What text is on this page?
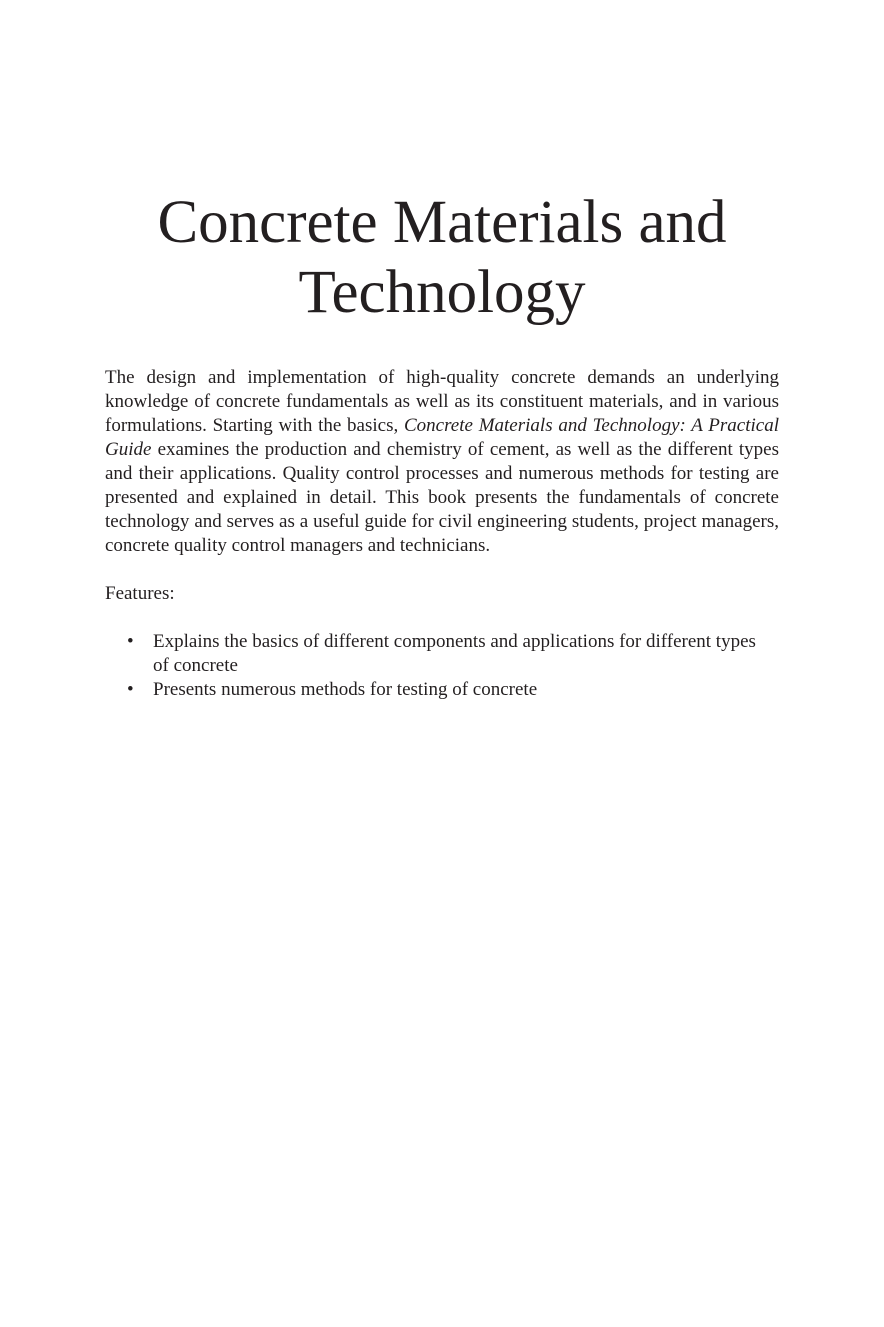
Concrete Materials and
Technology

The design and implementation of high-quality concrete demands an underlying knowledge of concrete fundamentals as well as its constituent materials, and in various formulations. Starting with the basics, Concrete Materials and Technology: A Practical Guide examines the production and chemistry of cement, as well as the different types and their applications. Quality control processes and numerous methods for testing are presented and explained in detail. This book presents the fundamentals of concrete technology and serves as a useful guide for civil engineering students, project managers, concrete quality control managers and technicians.

Features:

• Explains the basics of different components and applications for different types of concrete
• Presents numerous methods for testing of concrete
